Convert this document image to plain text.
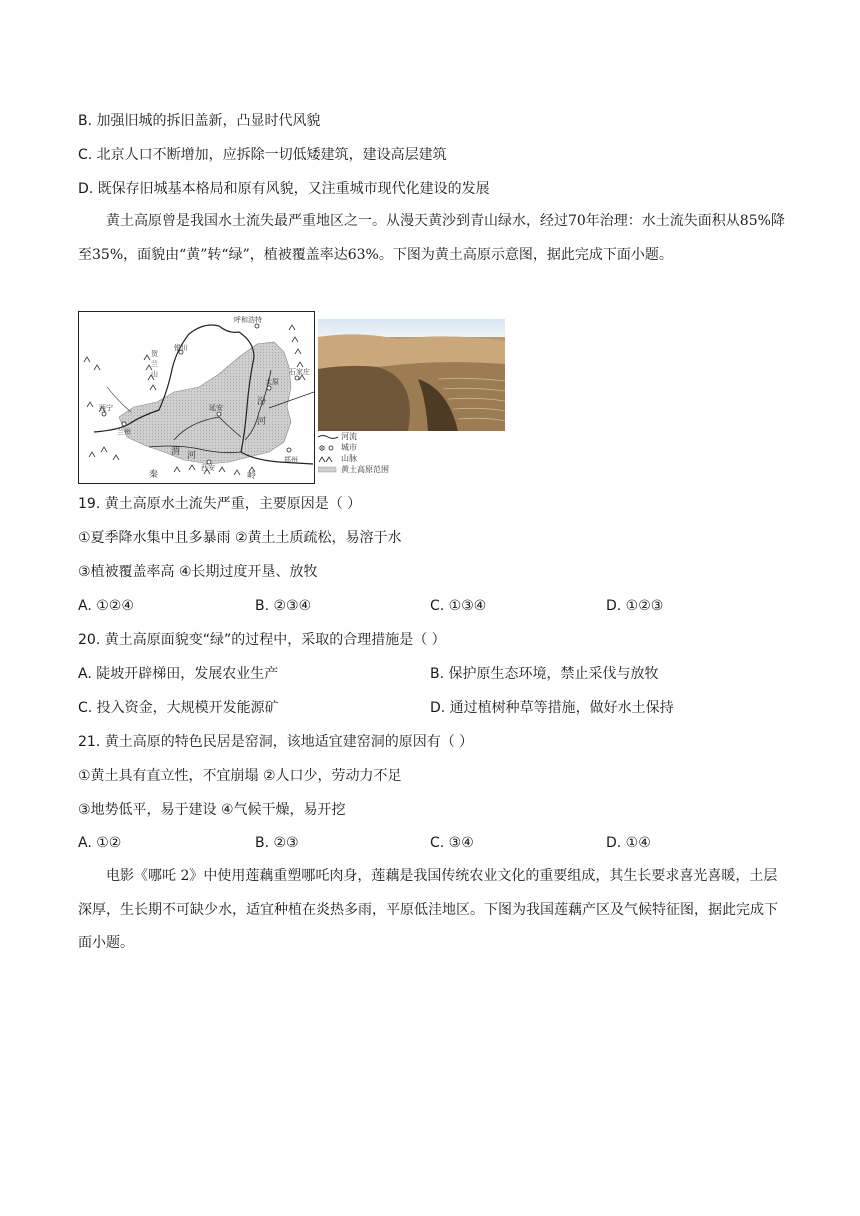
B. 加强旧城的拆旧盖新，凸显时代风貌
C. 北京人口不断增加，应拆除一切低矮建筑，建设高层建筑
D. 既保存旧城基本格局和原有风貌，又注重城市现代化建设的发展
黄土高原曾是我国水土流失最严重地区之一。从漫天黄沙到青山绿水，经过70年治理：水土流失面积从85%降至35%，面貌由“黄”转“绿”，植被覆盖率达63%。下图为黄土高原示意图，据此完成下面小题。
呼和浩特
银川
贺
兰
山
太原
石家庄
延安
西宁
兰州
西安
郑州
汾
河
渭 河
秦	岭
河流
城市
山脉
黄土高原范围
19. 黄土高原水土流失严重，主要原因是（ ）
①夏季降水集中且多暴雨 ②黄土土质疏松，易溶于水
③植被覆盖率高 ④长期过度开垦、放牧
A. ①②④	B. ②③④	C. ①③④	D. ①②③
20. 黄土高原面貌变“绿”的过程中，采取的合理措施是（ ）
A. 陡坡开辟梯田，发展农业生产	B. 保护原生态环境，禁止采伐与放牧
C. 投入资金，大规模开发能源矿	D. 通过植树种草等措施，做好水土保持
21. 黄土高原的特色民居是窑洞，该地适宜建窑洞的原因有（ ）
①黄土具有直立性，不宜崩塌 ②人口少，劳动力不足
③地势低平，易于建设 ④气候干燥，易开挖
A. ①②	B. ②③	C. ③④	D. ①④
电影《哪吒 2》中使用莲藕重塑哪吒肉身，莲藕是我国传统农业文化的重要组成，其生长要求喜光喜暖，土层深厚，生长期不可缺少水，适宜种植在炎热多雨，平原低洼地区。下图为我国莲藕产区及气候特征图，据此完成下面小题。
